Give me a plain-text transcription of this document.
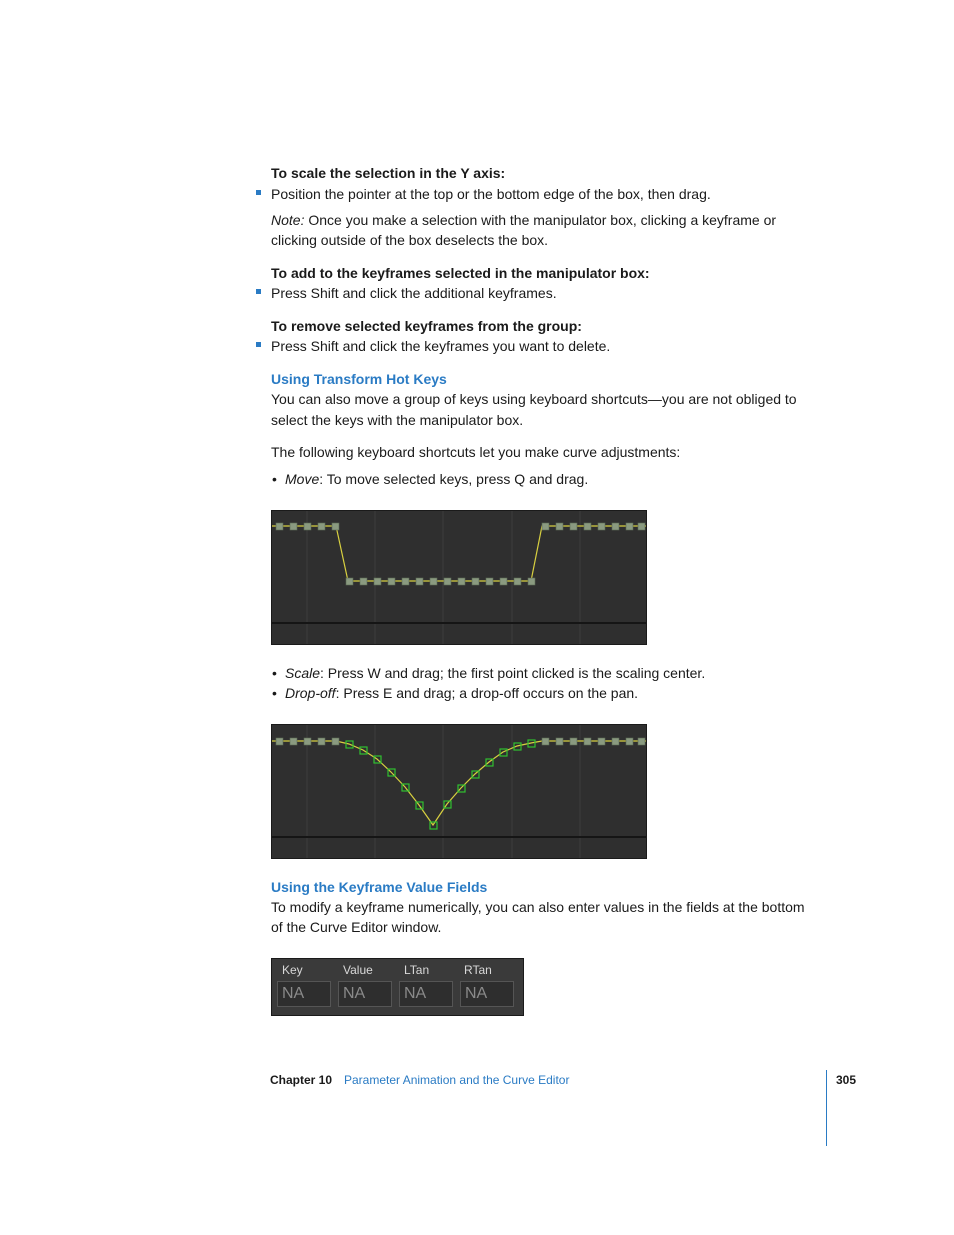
To scale the selection in the Y axis:
Position the pointer at the top or the bottom edge of the box, then drag.
Note: Once you make a selection with the manipulator box, clicking a keyframe or
clicking outside of the box deselects the box.
To add to the keyframes selected in the manipulator box:
Press Shift and click the additional keyframes.
To remove selected keyframes from the group:
Press Shift and click the keyframes you want to delete.
Using Transform Hot Keys
You can also move a group of keys using keyboard shortcuts—you are not obliged to
select the keys with the manipulator box.
The following keyboard shortcuts let you make curve adjustments:
• Move: To move selected keys, press Q and drag.
• Scale: Press W and drag; the first point clicked is the scaling center.
• Drop-off: Press E and drag; a drop-off occurs on the pan.
Using the Keyframe Value Fields
To modify a keyframe numerically, you can also enter values in the fields at the bottom
of the Curve Editor window.
Key	Value	LTan	RTan
NA	NA	NA	NA
Chapter 10 Parameter Animation and the Curve Editor	305
